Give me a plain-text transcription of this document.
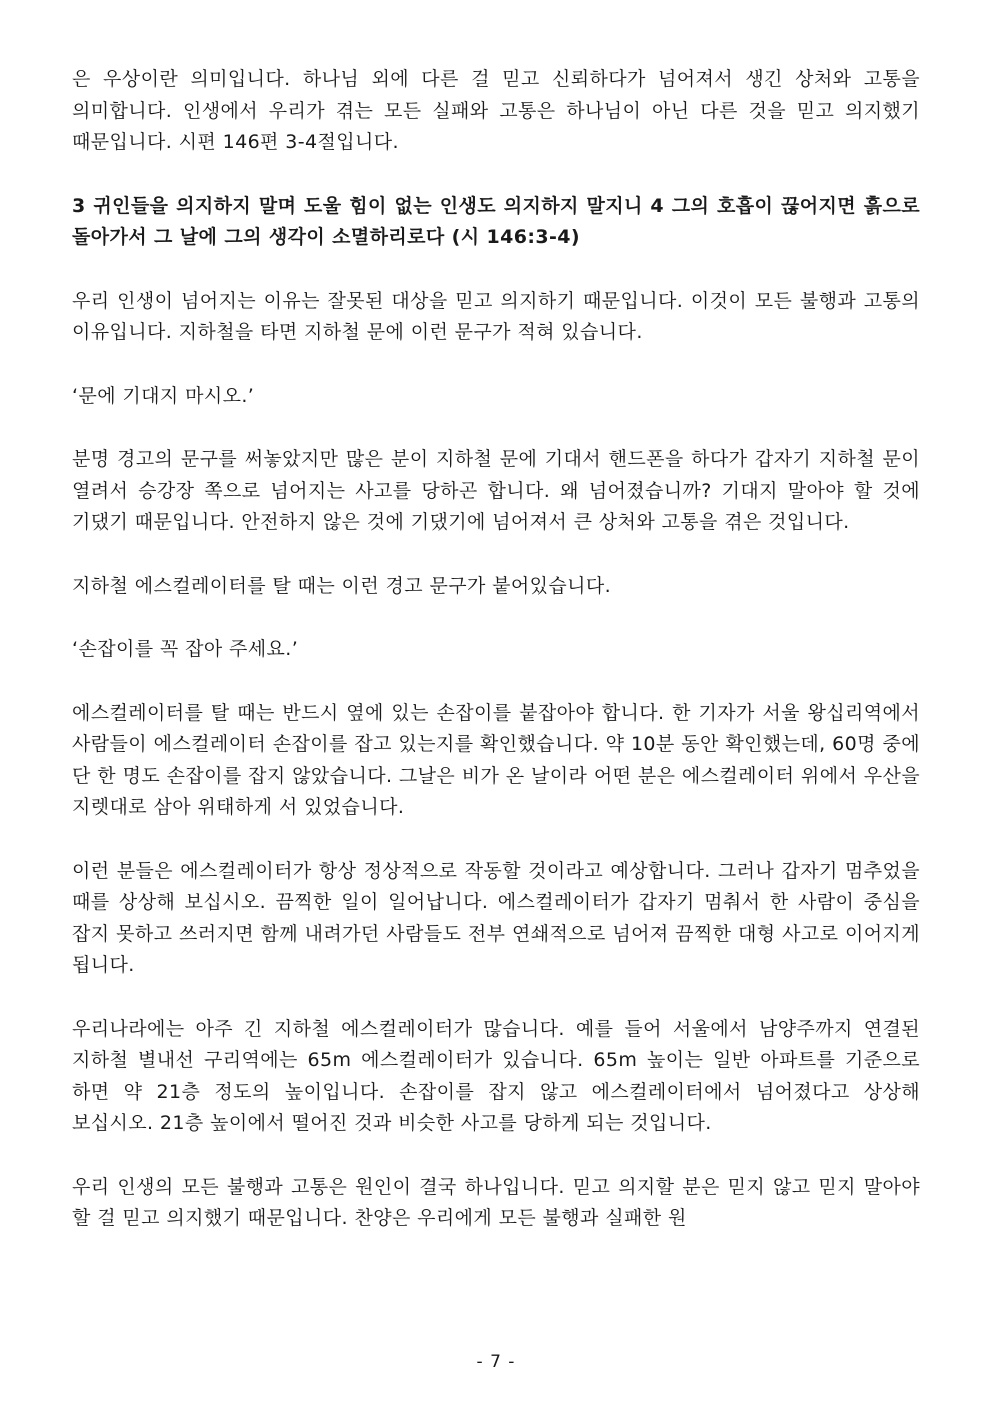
은 우상이란 의미입니다. 하나님 외에 다른 걸 믿고 신뢰하다가 넘어져서 생긴 상처와 고통을 의미합니다. 인생에서 우리가 겪는 모든 실패와 고통은 하나님이 아닌 다른 것을 믿고 의지했기 때문입니다. 시편 146편 3-4절입니다.

3 귀인들을 의지하지 말며 도울 힘이 없는 인생도 의지하지 말지니 4 그의 호흡이 끊어지면 흙으로 돌아가서 그 날에 그의 생각이 소멸하리로다 (시 146:3-4)

우리 인생이 넘어지는 이유는 잘못된 대상을 믿고 의지하기 때문입니다. 이것이 모든 불행과 고통의 이유입니다. 지하철을 타면 지하철 문에 이런 문구가 적혀 있습니다.

‘문에 기대지 마시오.’

분명 경고의 문구를 써놓았지만 많은 분이 지하철 문에 기대서 핸드폰을 하다가 갑자기 지하철 문이 열려서 승강장 쪽으로 넘어지는 사고를 당하곤 합니다. 왜 넘어졌습니까? 기대지 말아야 할 것에 기댔기 때문입니다. 안전하지 않은 것에 기댔기에 넘어져서 큰 상처와 고통을 겪은 것입니다.

지하철 에스컬레이터를 탈 때는 이런 경고 문구가 붙어있습니다.

‘손잡이를 꼭 잡아 주세요.’

에스컬레이터를 탈 때는 반드시 옆에 있는 손잡이를 붙잡아야 합니다. 한 기자가 서울 왕십리역에서 사람들이 에스컬레이터 손잡이를 잡고 있는지를 확인했습니다. 약 10분 동안 확인했는데, 60명 중에 단 한 명도 손잡이를 잡지 않았습니다. 그날은 비가 온 날이라 어떤 분은 에스컬레이터 위에서 우산을 지렛대로 삼아 위태하게 서 있었습니다.

이런 분들은 에스컬레이터가 항상 정상적으로 작동할 것이라고 예상합니다. 그러나 갑자기 멈추었을 때를 상상해 보십시오. 끔찍한 일이 일어납니다. 에스컬레이터가 갑자기 멈춰서 한 사람이 중심을 잡지 못하고 쓰러지면 함께 내려가던 사람들도 전부 연쇄적으로 넘어져 끔찍한 대형 사고로 이어지게 됩니다.

우리나라에는 아주 긴 지하철 에스컬레이터가 많습니다. 예를 들어 서울에서 남양주까지 연결된 지하철 별내선 구리역에는 65m 에스컬레이터가 있습니다. 65m 높이는 일반 아파트를 기준으로 하면 약 21층 정도의 높이입니다. 손잡이를 잡지 않고 에스컬레이터에서 넘어졌다고 상상해 보십시오. 21층 높이에서 떨어진 것과 비슷한 사고를 당하게 되는 것입니다.

우리 인생의 모든 불행과 고통은 원인이 결국 하나입니다. 믿고 의지할 분은 믿지 않고 믿지 말아야 할 걸 믿고 의지했기 때문입니다. 찬양은 우리에게 모든 불행과 실패한 원

- 7 -
